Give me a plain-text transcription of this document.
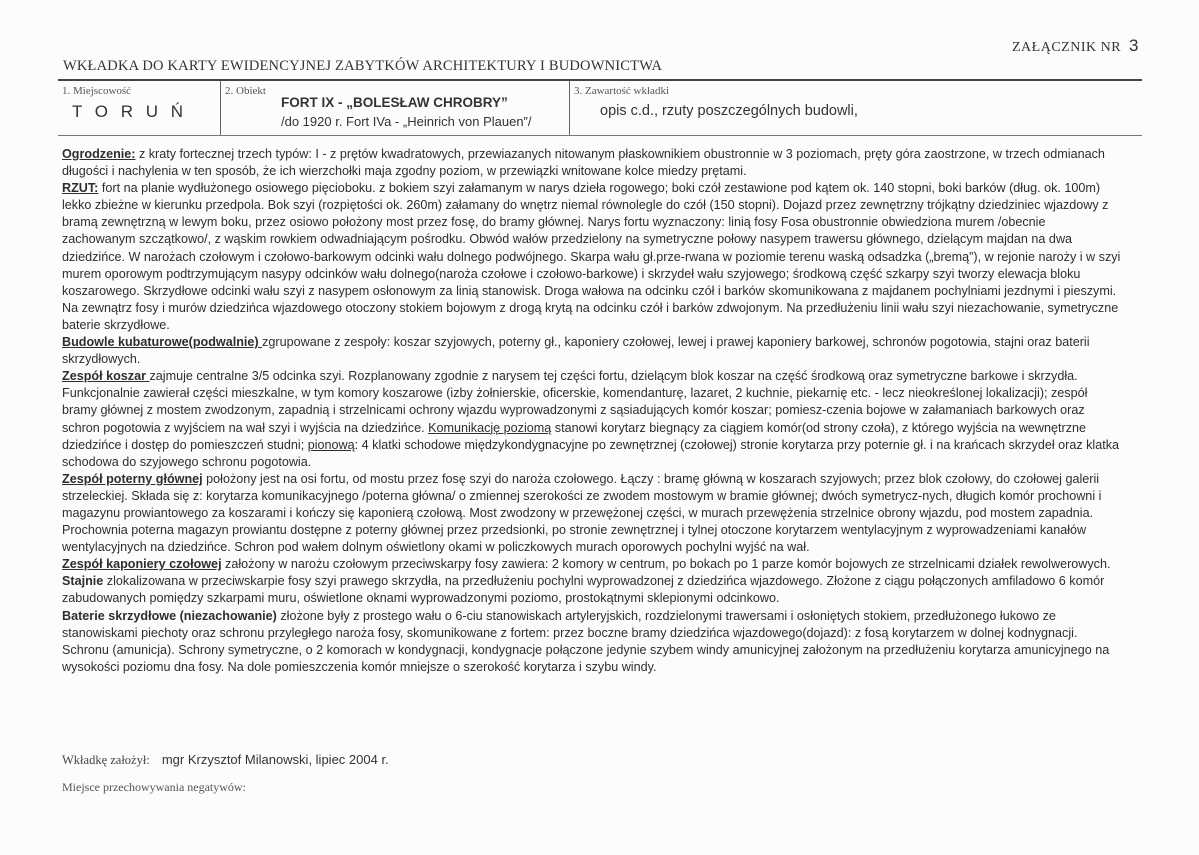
ZAŁĄCZNIK NR 3
WKŁADKA DO KARTY EWIDENCYJNEJ ZABYTKÓW ARCHITEKTURY I BUDOWNICTWA
1. Miejscowość
T O R U Ń
2. Obiekt
FORT IX - „BOLESŁAW CHROBRY”
/do 1920 r. Fort IVa - „Heinrich von Plauen”/
3. Zawartość wkładki
opis c.d., rzuty poszczególnych budowli,

Ogrodzenie: z kraty fortecznej trzech typów: I - z prętów kwadratowych, przewiazanych nitowanym płaskownikiem obustronnie w 3 poziomach, pręty góra zaostrzone, w trzech odmianach długości i nachylenia w ten sposób, że ich wierzchołki maja zgodny poziom, w przewiązki wnitowane kolce miedzy prętami.

RZUT: fort na planie wydłużonego osiowego pięcioboku. z bokiem szyi załamanym w narys dzieła rogowego; boki czół zestawione pod kątem ok. 140 stopni, boki barków (dług. ok. 100m) lekko zbieżne w kierunku przedpola. Bok szyi (rozpiętości ok. 260m) załamany do wnętrz niemal równolegle do czół (150 stopni). Dojazd przez zewnętrzny trójkątny dziedziniec wjazdowy z bramą zewnętrzną w lewym boku, przez osiowo położony most przez fosę, do bramy głównej. Narys fortu wyznaczony: linią fosy Fosa obustronnie obwiedziona murem /obecnie zachowanym szczątkowo/, z wąskim rowkiem odwadniającym pośrodku. Obwód wałów przedzielony na symetryczne połowy nasypem trawersu głównego, dzielącym majdan na dwa dziedzińce. W narożach czołowym i czołowo-barkowym odcinki wału dolnego podwójnego. Skarpa wału gł.prze-rwana w poziomie terenu waską odsadzka („bremą”), w rejonie naroży i w szyi murem oporowym podtrzymującym nasypy odcinków wału dolnego(naroża czołowe i czołowo-barkowe) i skrzydeł wału szyjowego; środkową część szkarpy szyi tworzy elewacja bloku koszarowego. Skrzydłowe odcinki wału szyi z nasypem osłonowym za linią stanowisk. Droga wałowa na odcinku czół i barków skomunikowana z majdanem pochylniami jezdnymi i pieszymi. Na zewnątrz fosy i murów dziedzińca wjazdowego otoczony stokiem bojowym z drogą krytą na odcinku czół i barków zdwojonym. Na przedłużeniu linii wału szyi niezachowanie, symetryczne baterie skrzydłowe.

Budowle kubaturowe(podwalnie) zgrupowane z zespoły: koszar szyjowych, poterny gł., kaponiery czołowej, lewej i prawej kaponiery barkowej, schronów pogotowia, stajni oraz baterii skrzydłowych.

Zespół koszar zajmuje centralne 3/5 odcinka szyi. Rozplanowany zgodnie z narysem tej części fortu, dzielącym blok koszar na część środkową oraz symetryczne barkowe i skrzydła. Funkcjonalnie zawierał części mieszkalne, w tym komory koszarowe (izby żołnierskie, oficerskie, komendanturę, lazaret, 2 kuchnie, piekarnię etc. - lecz nieokreślonej lokalizacji); zespół bramy głównej z mostem zwodzonym, zapadnią i strzelnicami ochrony wjazdu wyprowadzonymi z sąsiadujących komór koszar; pomiesz-czenia bojowe w załamaniach barkowych oraz schron pogotowia z wyjściem na wał szyi i wyjścia na dziedzińce. Komunikację poziomą stanowi korytarz biegnący za ciągiem komór(od strony czoła), z którego wyjścia na wewnętrzne dziedzińce i dostęp do pomieszczeń studni; pionową: 4 klatki schodowe międzykondygnacyjne po zewnętrznej (czołowej) stronie korytarza przy poternie gł. i na krańcach skrzydeł oraz klatka schodowa do szyjowego schronu pogotowia.

Zespół poterny głównej położony jest na osi fortu, od mostu przez fosę szyi do naroża czołowego. Łączy : bramę główną w koszarach szyjowych; przez blok czołowy, do czołowej galerii strzeleckiej. Składa się z: korytarza komunikacyjnego /poterna główna/ o zmiennej szerokości ze zwodem mostowym w bramie głównej; dwóch symetrycz-nych, długich komór prochowni i magazynu prowiantowego za koszarami i kończy się kaponierą czołową. Most zwodzony w przewężonej części, w murach przewężenia strzelnice obrony wjazdu, pod mostem zapadnia. Prochownia poterna magazyn prowiantu dostępne z poterny głównej przez przedsionki, po stronie zewnętrznej i tylnej otoczone korytarzem wentylacyjnym z wyprowadzeniami kanałów wentylacyjnych na dziedzińce. Schron pod wałem dolnym oświetlony okami w policzkowych murach oporowych pochylni wyjść na wał.

Zespół kaponiery czołowej założony w narożu czołowym przeciwskarpy fosy zawiera: 2 komory w centrum, po bokach po 1 parze komór bojowych ze strzelnicami działek rewolwerowych.

Stajnie zlokalizowana w przeciwskarpie fosy szyi prawego skrzydła, na przedłużeniu pochylni wyprowadzonej z dziedzińca wjazdowego. Złożone z ciągu połączonych amfiladowo 6 komór zabudowanych pomiędzy szkarpami muru, oświetlone oknami wyprowadzonymi poziomo, prostokątnymi sklepionymi odcinkowo.

Baterie skrzydłowe (niezachowanie) złożone były z prostego wału o 6-ciu stanowiskach artyleryjskich, rozdzielonymi trawersami i osłoniętych stokiem, przedłużonego łukowo ze stanowiskami piechoty oraz schronu przyległego naroża fosy, skomunikowane z fortem: przez boczne bramy dziedzińca wjazdowego(dojazd): z fosą korytarzem w dolnej kodnygnacji. Schronu (amunicja). Schrony symetryczne, o 2 komorach w kondygnacji, kondygnacje połączone jedynie szybem windy amunicyjnej założonym na przedłużeniu korytarza amunicyjnego na wysokości poziomu dna fosy. Na dole pomieszczenia komór mniejsze o szerokość korytarza i szybu windy.

Wkładkę założył: mgr Krzysztof Milanowski, lipiec 2004 r.
Miejsce przechowywania negatywów:
